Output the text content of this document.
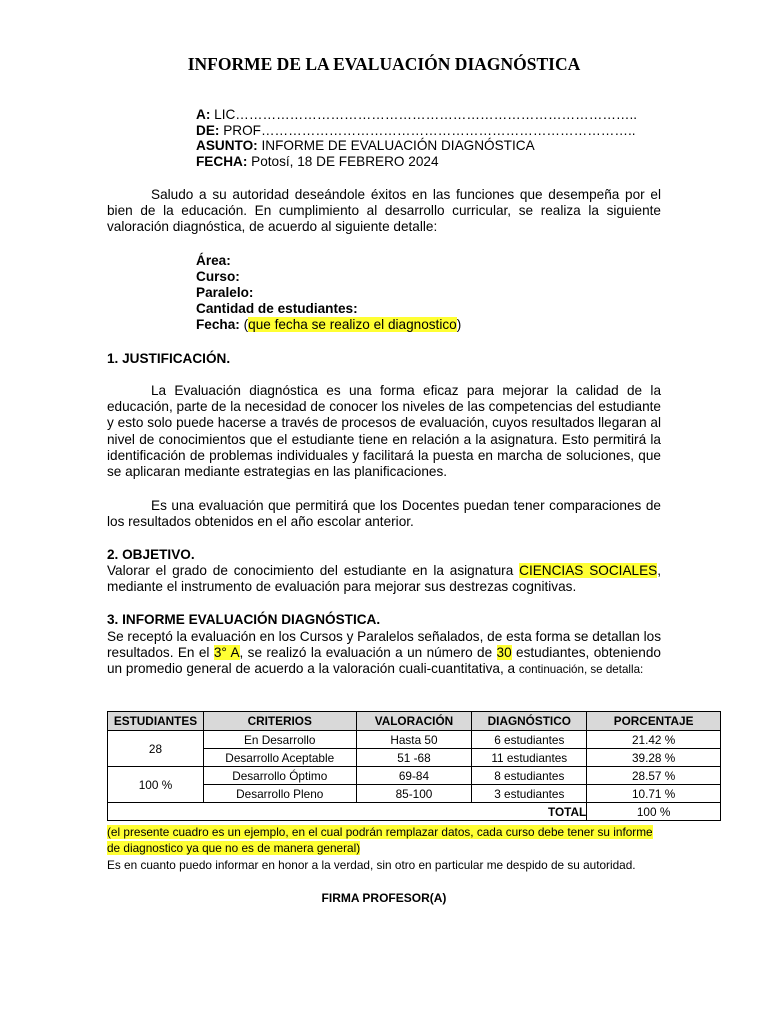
INFORME DE LA EVALUACIÓN DIAGNÓSTICA
A: LIC……………………………………………………………………………..
DE: PROF………………………………………………………………………..
ASUNTO: INFORME DE EVALUACIÓN DIAGNÓSTICA
FECHA: Potosí, 18 DE FEBRERO 2024
Saludo a su autoridad deseándole éxitos en las funciones que desempeña por el bien de la educación. En cumplimiento al desarrollo curricular, se realiza la siguiente valoración diagnóstica, de acuerdo al siguiente detalle:
Área:
Curso:
Paralelo:
Cantidad de estudiantes:
Fecha: (que fecha se realizo el diagnostico)
1. JUSTIFICACIÓN.
La Evaluación diagnóstica es una forma eficaz para mejorar la calidad de la educación, parte de la necesidad de conocer los niveles de las competencias del estudiante y esto solo puede hacerse a través de procesos de evaluación, cuyos resultados llegaran al nivel de conocimientos que el estudiante tiene en relación a la asignatura. Esto permitirá la identificación de problemas individuales y facilitará la puesta en marcha de soluciones, que se aplicaran mediante estrategias en las planificaciones.
Es una evaluación que permitirá que los Docentes puedan tener comparaciones de los resultados obtenidos en el año escolar anterior.
2. OBJETIVO.
Valorar el grado de conocimiento del estudiante en la asignatura CIENCIAS SOCIALES, mediante el instrumento de evaluación para mejorar sus destrezas cognitivas.
3. INFORME EVALUACIÓN DIAGNÓSTICA.
Se receptó la evaluación en los Cursos y Paralelos señalados, de esta forma se detallan los resultados. En el 3° A, se realizó la evaluación a un número de 30 estudiantes, obteniendo un promedio general de acuerdo a la valoración cuali-cuantitativa, a continuación, se detalla:
ESTUDIANTES	CRITERIOS	VALORACIÓN	DIAGNÓSTICO	PORCENTAJE
28	En Desarrollo	Hasta 50	6 estudiantes	21.42 %
	Desarrollo Aceptable	51 -68	11 estudiantes	39.28 %
100 %	Desarrollo Óptimo	69-84	8 estudiantes	28.57 %
	Desarrollo Pleno	85-100	3 estudiantes	10.71 %
TOTAL				100 %
(el presente cuadro es un ejemplo, en el cual podrán remplazar datos, cada curso debe tener su informe de diagnostico ya que no es de manera general)
Es en cuanto puedo informar en honor a la verdad, sin otro en particular me despido de su autoridad.
FIRMA PROFESOR(A)
